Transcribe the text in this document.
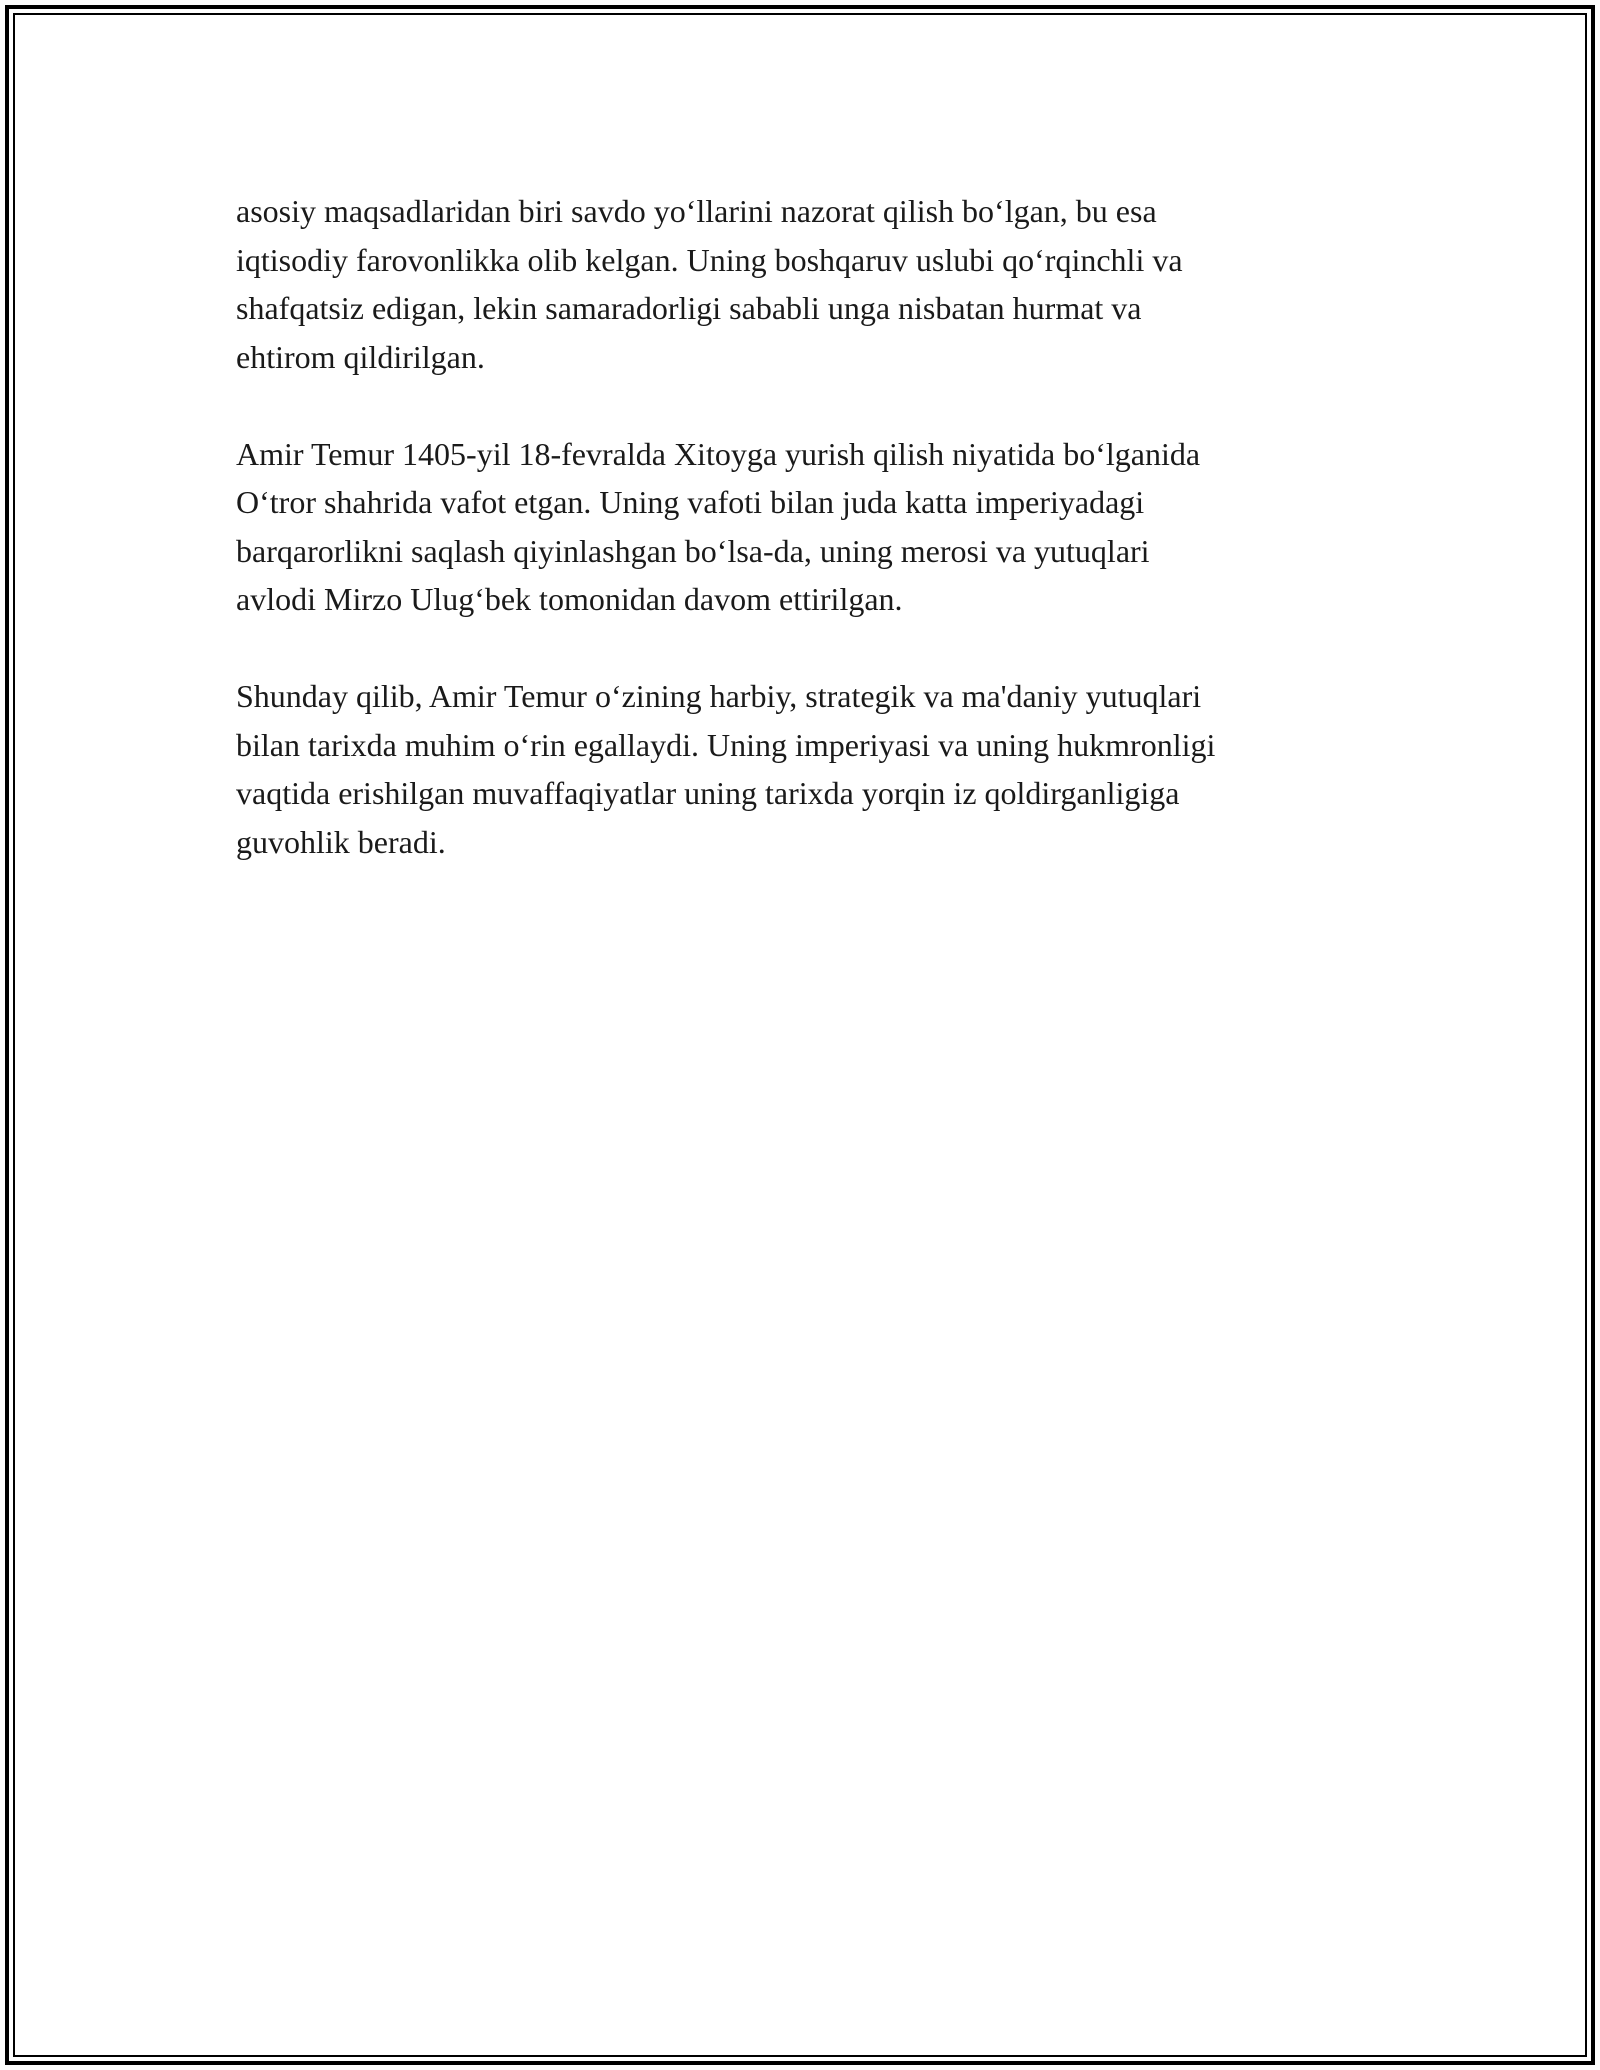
asosiy maqsadlaridan biri savdo yo‘llarini nazorat qilish bo‘lgan, bu esa
iqtisodiy farovonlikka olib kelgan. Uning boshqaruv uslubi qo‘rqinchli va
shafqatsiz edigan, lekin samaradorligi sababli unga nisbatan hurmat va
ehtirom qildirilgan.

Amir Temur 1405-yil 18-fevralda Xitoyga yurish qilish niyatida bo‘lganida
O‘tror shahrida vafot etgan. Uning vafoti bilan juda katta imperiyadagi
barqarorlikni saqlash qiyinlashgan bo‘lsa-da, uning merosi va yutuqlari
avlodi Mirzo Ulug‘bek tomonidan davom ettirilgan.

Shunday qilib, Amir Temur o‘zining harbiy, strategik va ma'daniy yutuqlari
bilan tarixda muhim o‘rin egallaydi. Uning imperiyasi va uning hukmronligi
vaqtida erishilgan muvaffaqiyatlar uning tarixda yorqin iz qoldirganligiga
guvohlik beradi.
